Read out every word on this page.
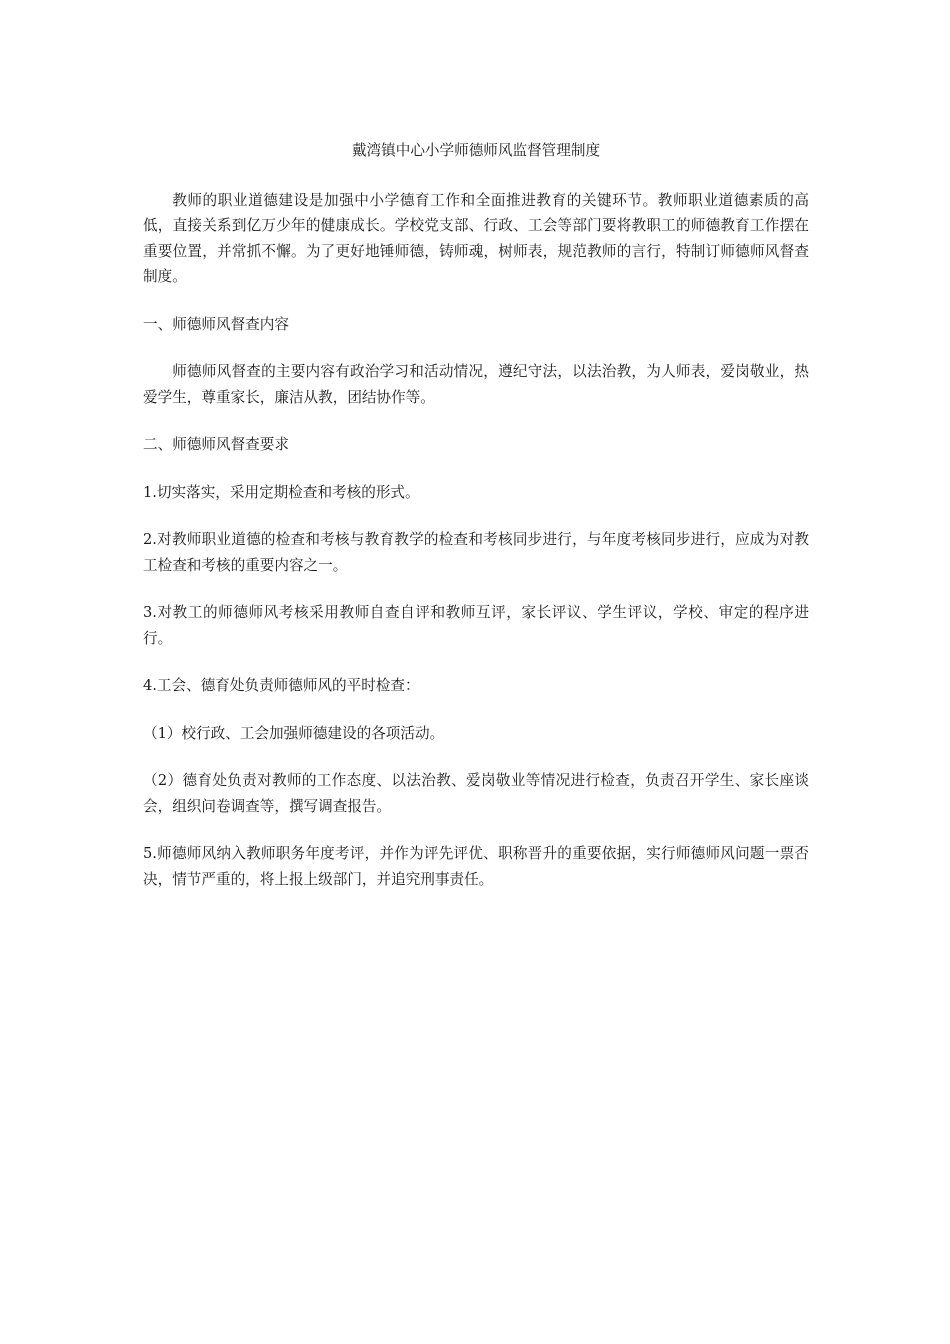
戴湾镇中心小学师德师风监督管理制度

教师的职业道德建设是加强中小学德育工作和全面推进教育的关键环节。教师职业道德素质的高低，直接关系到亿万少年的健康成长。学校党支部、行政、工会等部门要将教职工的师德教育工作摆在重要位置，并常抓不懈。为了更好地锤师德，铸师魂，树师表，规范教师的言行，特制订师德师风督查制度。

一、师德师风督查内容

师德师风督查的主要内容有政治学习和活动情况，遵纪守法，以法治教，为人师表，爱岗敬业，热爱学生，尊重家长，廉洁从教，团结协作等。

二、师德师风督查要求

1.切实落实，采用定期检查和考核的形式。

2.对教师职业道德的检查和考核与教育教学的检查和考核同步进行，与年度考核同步进行，应成为对教工检查和考核的重要内容之一。

3.对教工的师德师风考核采用教师自查自评和教师互评，家长评议、学生评议，学校、审定的程序进行。

4.工会、德育处负责师德师风的平时检查：

（1）校行政、工会加强师德建设的各项活动。

（2）德育处负责对教师的工作态度、以法治教、爱岗敬业等情况进行检查，负责召开学生、家长座谈会，组织问卷调查等，撰写调查报告。

5.师德师风纳入教师职务年度考评，并作为评先评优、职称晋升的重要依据，实行师德师风问题一票否决，情节严重的，将上报上级部门，并追究刑事责任。
